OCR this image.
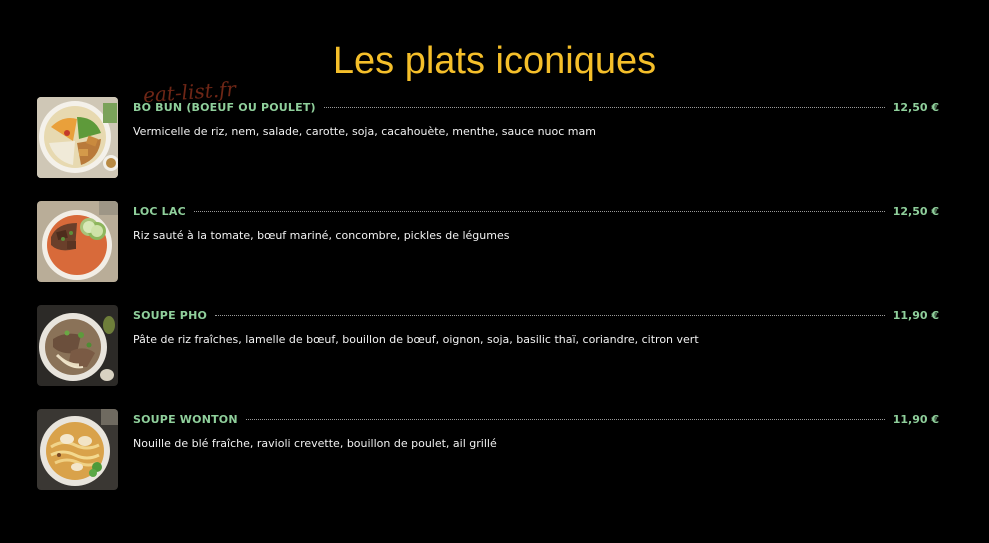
Les plats iconiques
eat-list.fr
BO BUN (BOEUF OU POULET)	12,50 €
Vermicelle de riz, nem, salade, carotte, soja, cacahouète, menthe, sauce nuoc mam
LOC LAC	12,50 €
Riz sauté à la tomate, bœuf mariné, concombre, pickles de légumes
SOUPE PHO	11,90 €
Pâte de riz fraîches, lamelle de bœuf, bouillon de bœuf, oignon, soja, basilic thaï, coriandre, citron vert
SOUPE WONTON	11,90 €
Nouille de blé fraîche, ravioli crevette, bouillon de poulet, ail grillé
